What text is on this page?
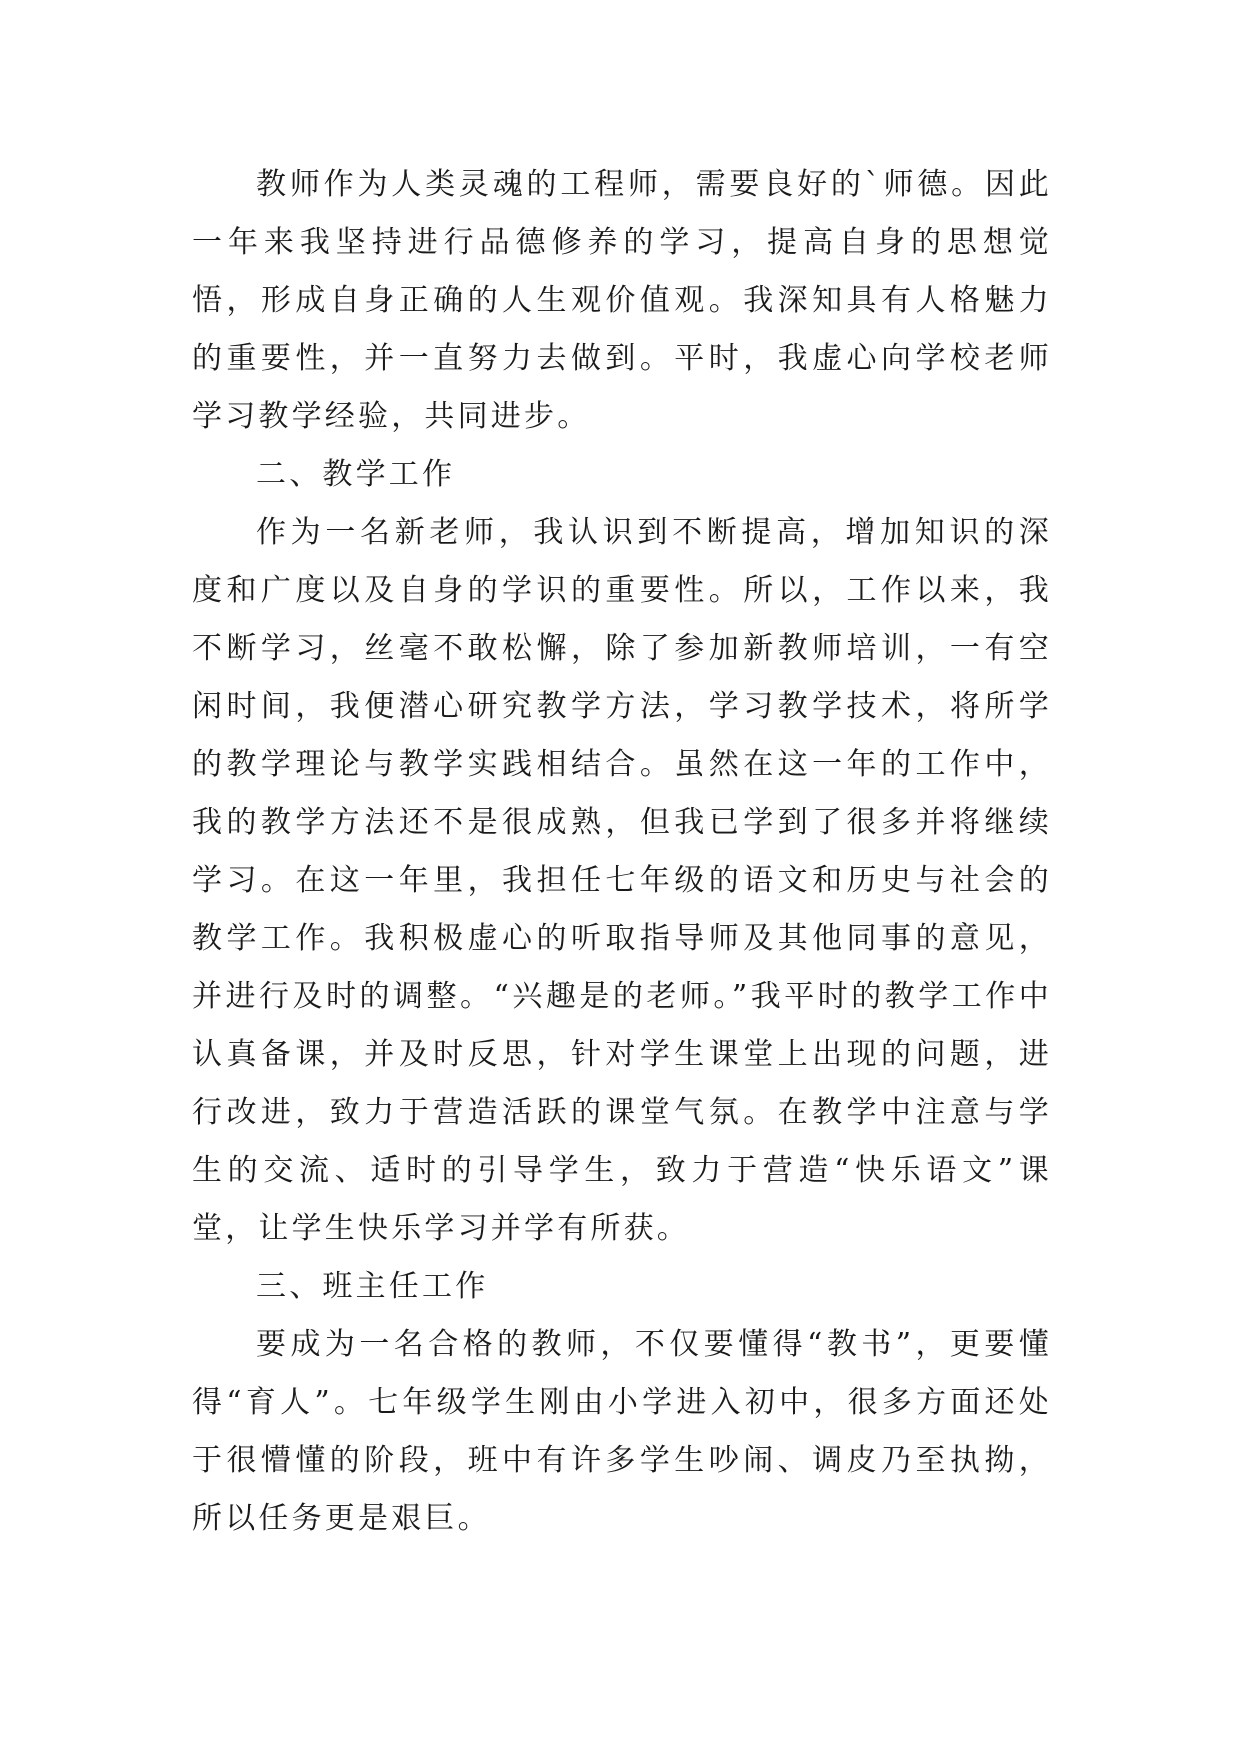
教师作为人类灵魂的工程师，需要良好的`师德。因此一年来我坚持进行品德修养的学习，提高自身的思想觉悟，形成自身正确的人生观价值观。我深知具有人格魅力的重要性，并一直努力去做到。平时，我虚心向学校老师学习教学经验，共同进步。

二、教学工作

作为一名新老师，我认识到不断提高，增加知识的深度和广度以及自身的学识的重要性。所以，工作以来，我不断学习，丝毫不敢松懈，除了参加新教师培训，一有空闲时间，我便潜心研究教学方法，学习教学技术，将所学的教学理论与教学实践相结合。虽然在这一年的工作中，我的教学方法还不是很成熟，但我已学到了很多并将继续学习。在这一年里，我担任七年级的语文和历史与社会的教学工作。我积极虚心的听取指导师及其他同事的意见，并进行及时的调整。“兴趣是的老师。”我平时的教学工作中认真备课，并及时反思，针对学生课堂上出现的问题，进行改进，致力于营造活跃的课堂气氛。在教学中注意与学生的交流、适时的引导学生，致力于营造“快乐语文”课堂，让学生快乐学习并学有所获。

三、班主任工作

要成为一名合格的教师，不仅要懂得“教书”，更要懂得“育人”。七年级学生刚由小学进入初中，很多方面还处于很懵懂的阶段，班中有许多学生吵闹、调皮乃至执拗，所以任务更是艰巨。
